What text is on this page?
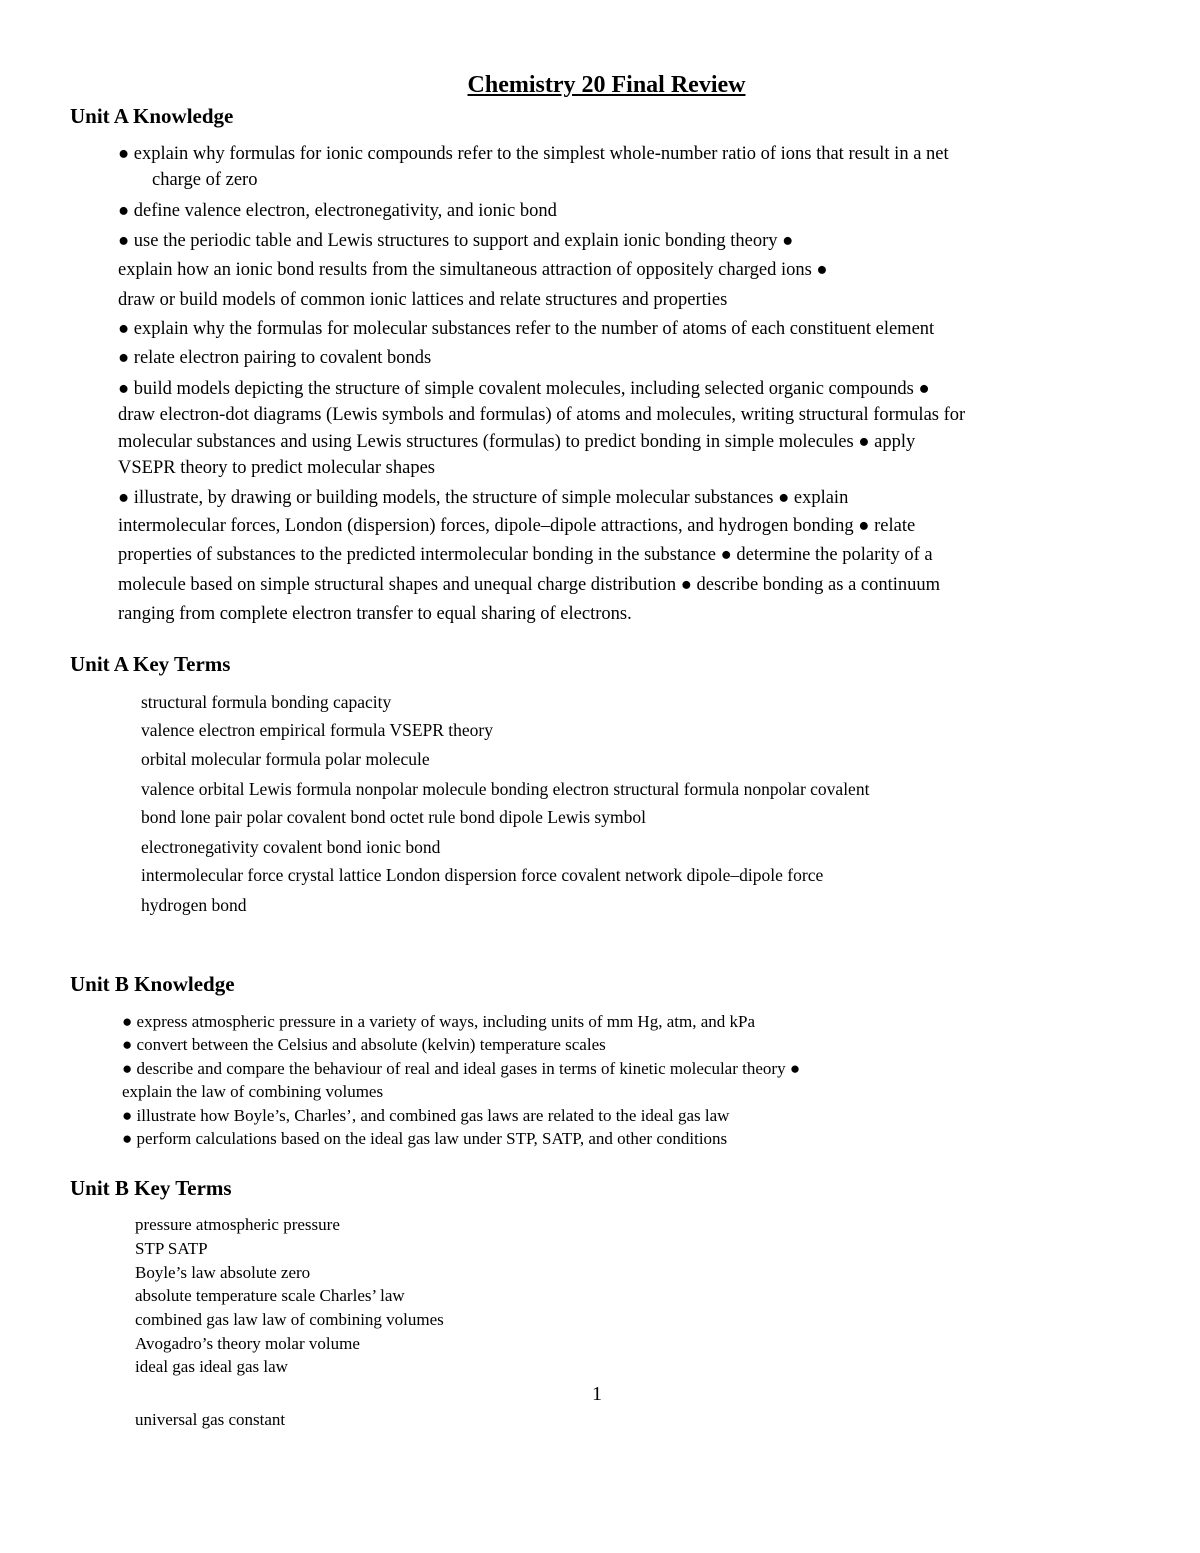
Chemistry 20 Final Review
Unit A Knowledge
● explain why formulas for ionic compounds refer to the simplest whole-number ratio of ions that result in a net
charge of zero
● define valence electron, electronegativity, and ionic bond
● use the periodic table and Lewis structures to support and explain ionic bonding theory ●
explain how an ionic bond results from the simultaneous attraction of oppositely charged ions ●
draw or build models of common ionic lattices and relate structures and properties
● explain why the formulas for molecular substances refer to the number of atoms of each constituent element
● relate electron pairing to covalent bonds
● build models depicting the structure of simple covalent molecules, including selected organic compounds ●
draw electron-dot diagrams (Lewis symbols and formulas) of atoms and molecules, writing structural formulas for
molecular substances and using Lewis structures (formulas) to predict bonding in simple molecules ● apply
VSEPR theory to predict molecular shapes
● illustrate, by drawing or building models, the structure of simple molecular substances ● explain
intermolecular forces, London (dispersion) forces, dipole–dipole attractions, and hydrogen bonding ● relate
properties of substances to the predicted intermolecular bonding in the substance ● determine the polarity of a
molecule based on simple structural shapes and unequal charge distribution ● describe bonding as a continuum
ranging from complete electron transfer to equal sharing of electrons.
Unit A Key Terms
structural formula bonding capacity
valence electron empirical formula VSEPR theory
orbital molecular formula polar molecule
valence orbital Lewis formula nonpolar molecule bonding electron structural formula nonpolar covalent
bond lone pair polar covalent bond octet rule bond dipole Lewis symbol
electronegativity covalent bond ionic bond
intermolecular force crystal lattice London dispersion force covalent network dipole–dipole force
hydrogen bond
Unit B Knowledge
● express atmospheric pressure in a variety of ways, including units of mm Hg, atm, and kPa
● convert between the Celsius and absolute (kelvin) temperature scales
● describe and compare the behaviour of real and ideal gases in terms of kinetic molecular theory ●
explain the law of combining volumes
● illustrate how Boyle’s, Charles’, and combined gas laws are related to the ideal gas law
● perform calculations based on the ideal gas law under STP, SATP, and other conditions
Unit B Key Terms
pressure atmospheric pressure
STP SATP
Boyle’s law absolute zero
absolute temperature scale Charles’ law
combined gas law law of combining volumes
Avogadro’s theory molar volume
ideal gas ideal gas law
universal gas constant
1
